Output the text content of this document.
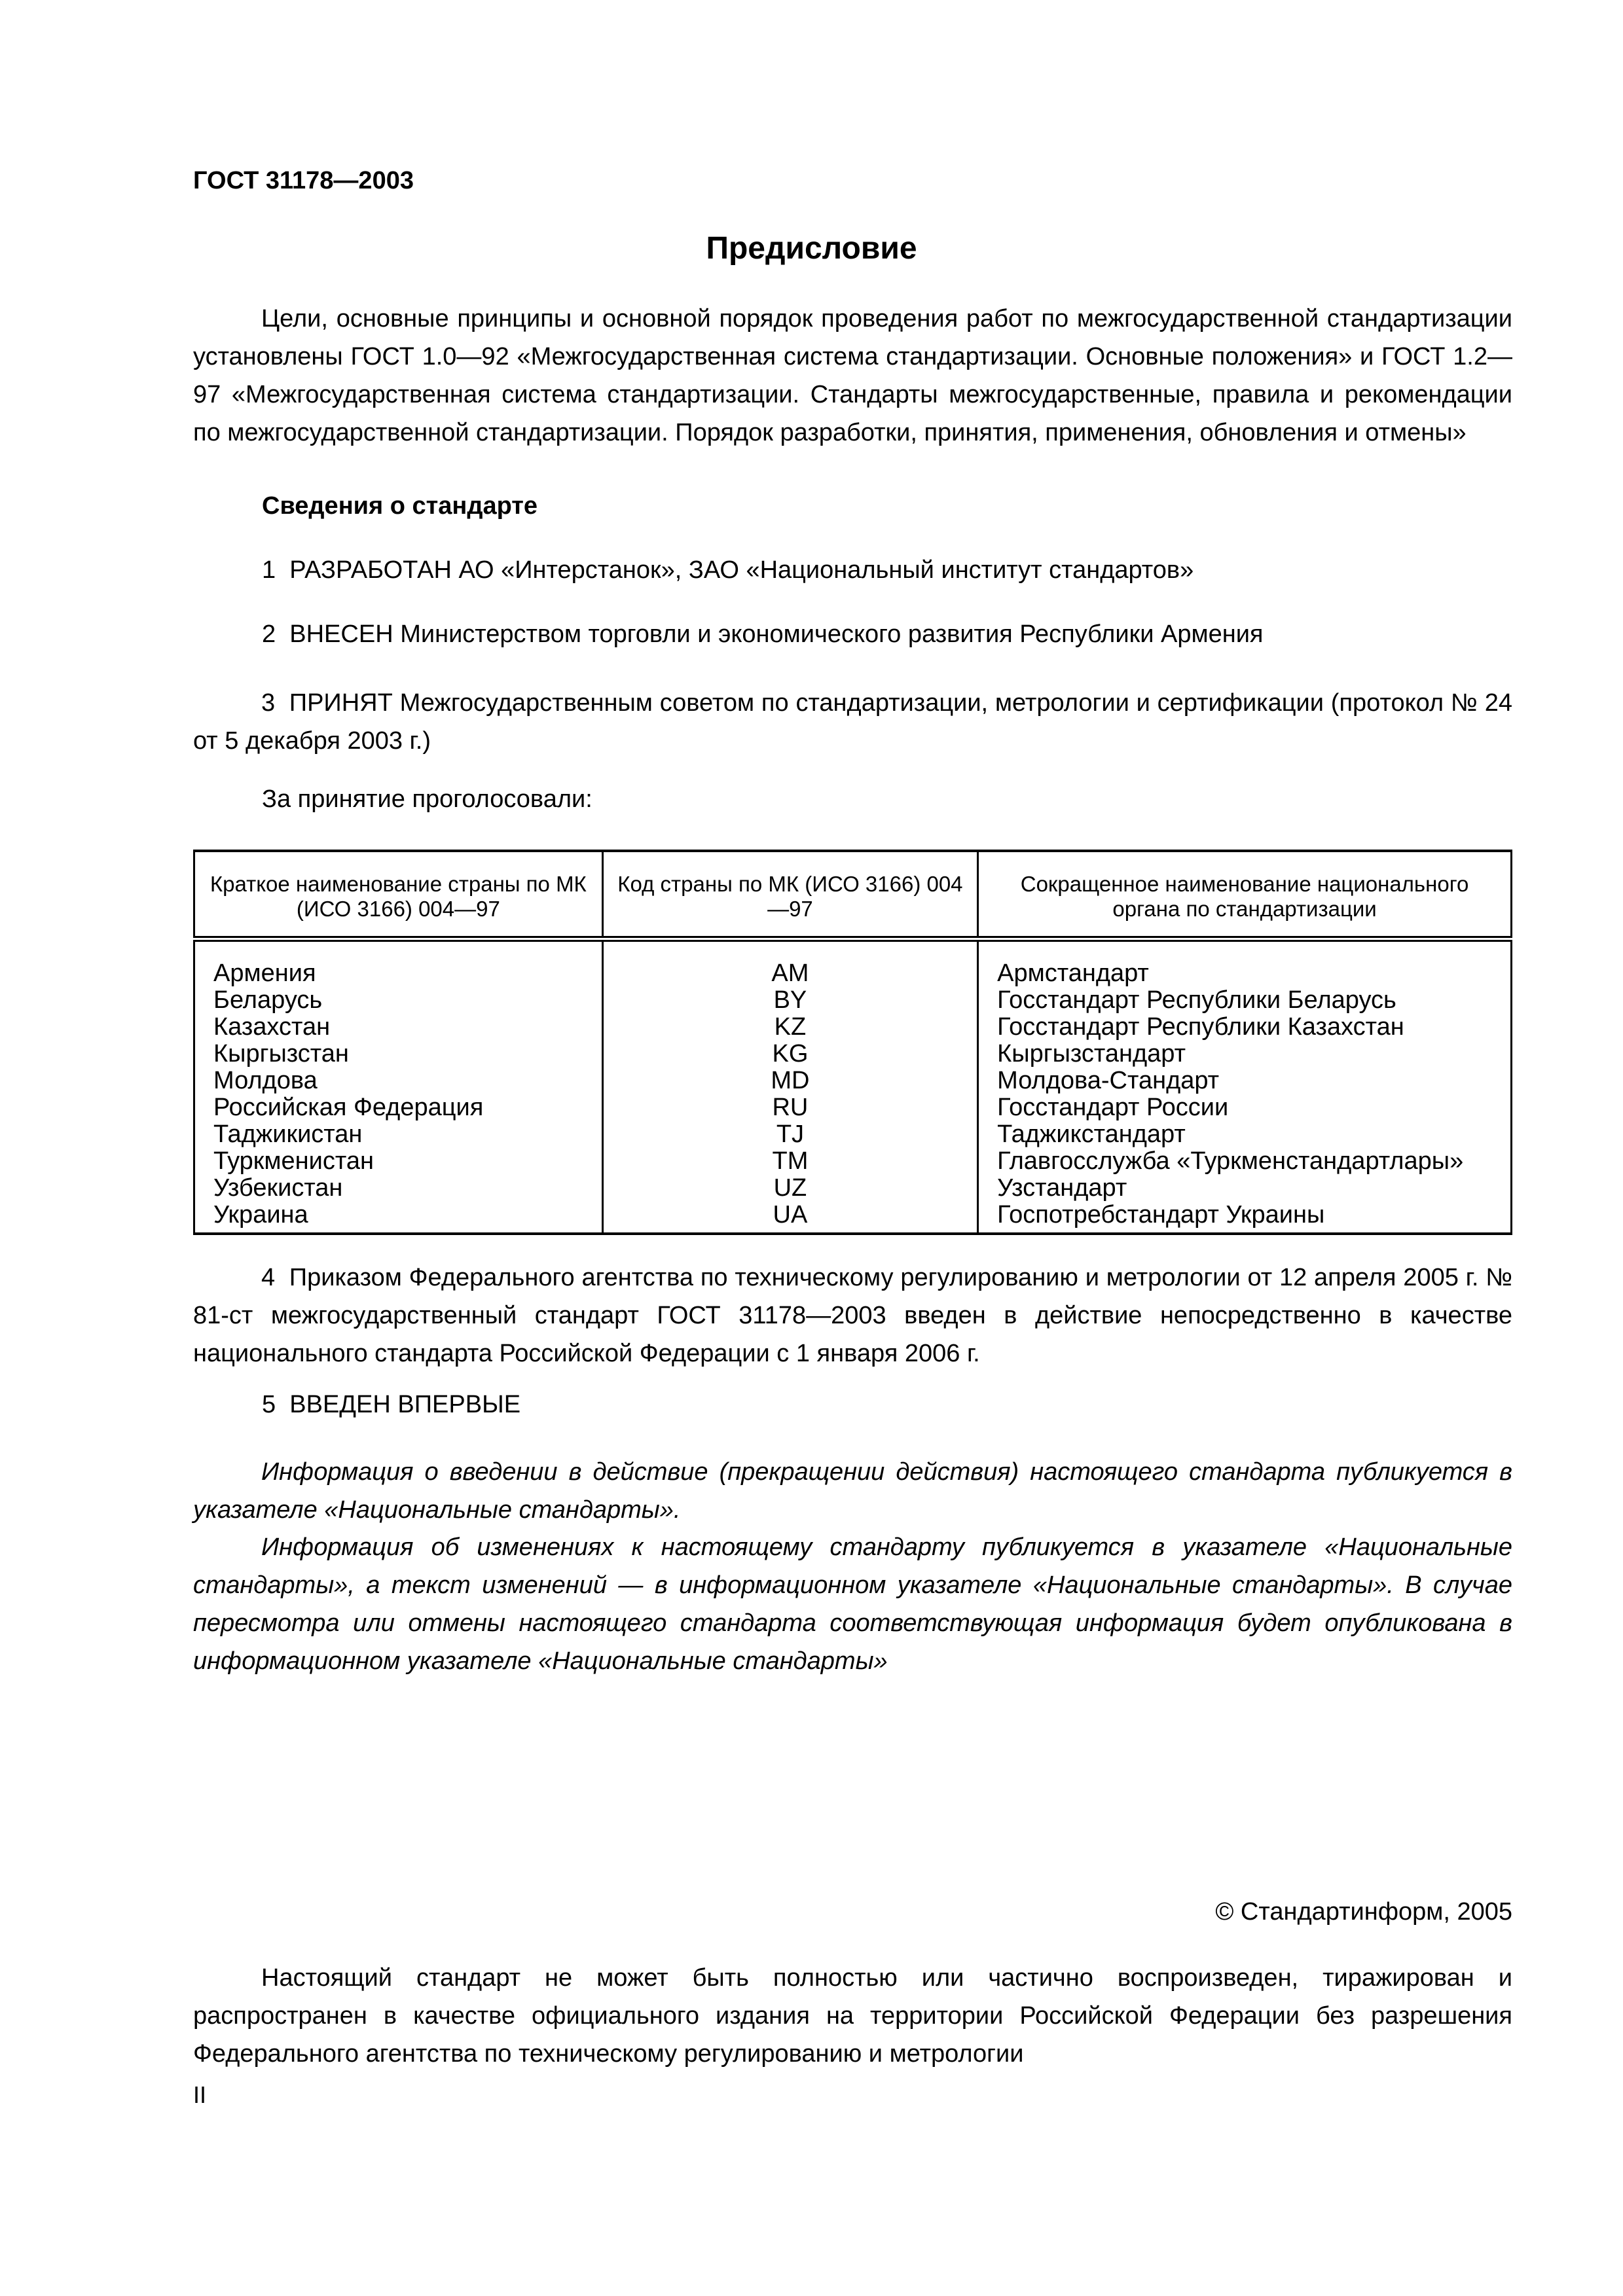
ГОСТ 31178—2003
Предисловие
Цели, основные принципы и основной порядок проведения работ по межгосударственной стандартизации установлены ГОСТ 1.0—92 «Межгосударственная система стандартизации. Основные положения» и ГОСТ 1.2—97 «Межгосударственная система стандартизации. Стандарты межгосударственные, правила и рекомендации по межгосударственной стандартизации. Порядок разработки, принятия, применения, обновления и отмены»
Сведения о стандарте
1 РАЗРАБОТАН АО «Интерстанок», ЗАО «Национальный институт стандартов»
2 ВНЕСЕН Министерством торговли и экономического развития Республики Армения
3 ПРИНЯТ Межгосударственным советом по стандартизации, метрологии и сертификации (протокол № 24 от 5 декабря 2003 г.)
За принятие проголосовали:
Краткое наименование страны по МК (ИСО 3166) 004—97	Код страны по МК (ИСО 3166) 004—97	Сокращенное наименование национального органа по стандартизации
Армения	AM	Армстандарт
Беларусь	BY	Госстандарт Республики Беларусь
Казахстан	KZ	Госстандарт Республики Казахстан
Кыргызстан	KG	Кыргызстандарт
Молдова	MD	Молдова-Стандарт
Российская Федерация	RU	Госстандарт России
Таджикистан	TJ	Таджикстандарт
Туркменистан	TM	Главгосслужба «Туркменстандартлары»
Узбекистан	UZ	Узстандарт
Украина	UA	Госпотребстандарт Украины
4 Приказом Федерального агентства по техническому регулированию и метрологии от 12 апреля 2005 г. № 81-ст межгосударственный стандарт ГОСТ 31178—2003 введен в действие непосредственно в качестве национального стандарта Российской Федерации с 1 января 2006 г.
5 ВВЕДЕН ВПЕРВЫЕ
Информация о введении в действие (прекращении действия) настоящего стандарта публикуется в указателе «Национальные стандарты».
Информация об изменениях к настоящему стандарту публикуется в указателе «Национальные стандарты», а текст изменений — в информационном указателе «Национальные стандарты». В случае пересмотра или отмены настоящего стандарта соответствующая информация будет опубликована в информационном указателе «Национальные стандарты»
© Стандартинформ, 2005
Настоящий стандарт не может быть полностью или частично воспроизведен, тиражирован и распространен в качестве официального издания на территории Российской Федерации без разрешения Федерального агентства по техническому регулированию и метрологии
II
